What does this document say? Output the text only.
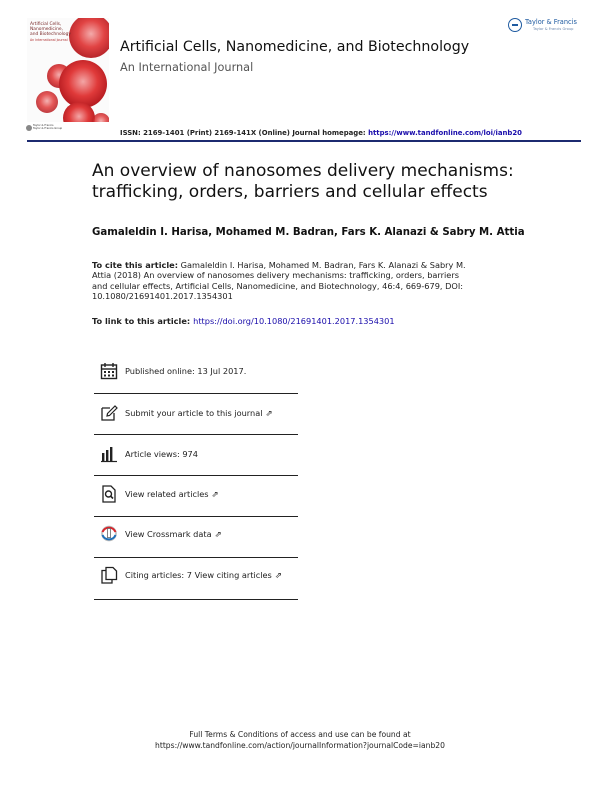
Artificial Cells,
Nanomedicine,
and Biotechnology
An International Journal
Taylor & Francis
Taylor & Francis Group
Artificial Cells, Nanomedicine, and Biotechnology
An International Journal
Taylor & Francis
Taylor & Francis Group
ISSN: 2169-1401 (Print) 2169-141X (Online) Journal homepage: https://www.tandfonline.com/loi/ianb20
An overview of nanosomes delivery mechanisms:
trafficking, orders, barriers and cellular effects
Gamaleldin I. Harisa, Mohamed M. Badran, Fars K. Alanazi & Sabry M. Attia
To cite this article: Gamaleldin I. Harisa, Mohamed M. Badran, Fars K. Alanazi & Sabry M.
Attia (2018) An overview of nanosomes delivery mechanisms: trafficking, orders, barriers
and cellular effects, Artificial Cells, Nanomedicine, and Biotechnology, 46:4, 669-679, DOI:
10.1080/21691401.2017.1354301
To link to this article: https://doi.org/10.1080/21691401.2017.1354301
Published online: 13 Jul 2017.
Submit your article to this journal ⇗
Article views: 974
View related articles ⇗
View Crossmark data ⇗
Citing articles: 7 View citing articles ⇗
Full Terms & Conditions of access and use can be found at
https://www.tandfonline.com/action/journalInformation?journalCode=ianb20
